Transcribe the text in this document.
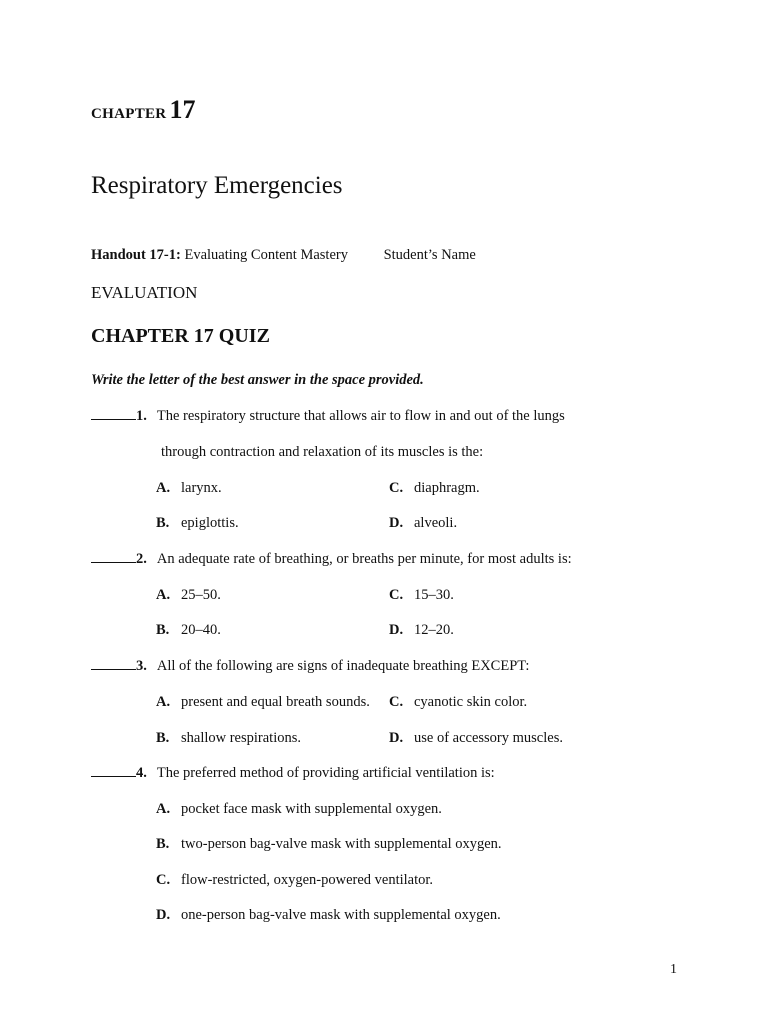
CHAPTER 17
Respiratory Emergencies
Handout 17-1: Evaluating Content Mastery Student’s Name
EVALUATION
CHAPTER 17 QUIZ
Write the letter of the best answer in the space provided.
1. The respiratory structure that allows air to flow in and out of the lungs
through contraction and relaxation of its muscles is the:
A. larynx.	C. diaphragm.
B. epiglottis.	D. alveoli.
2. An adequate rate of breathing, or breaths per minute, for most adults is:
A. 25–50.	C. 15–30.
B. 20–40.	D. 12–20.
3. All of the following are signs of inadequate breathing EXCEPT:
A. present and equal breath sounds. C. cyanotic skin color.
B. shallow respirations.	D. use of accessory muscles.
4. The preferred method of providing artificial ventilation is:
A. pocket face mask with supplemental oxygen.
B. two-person bag-valve mask with supplemental oxygen.
C. flow-restricted, oxygen-powered ventilator.
D. one-person bag-valve mask with supplemental oxygen.
1
